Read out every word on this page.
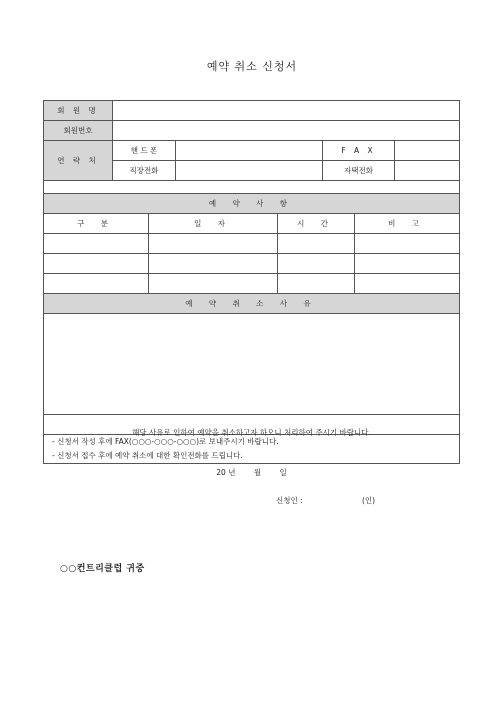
예약 취소 신청서
회 원 명							
회원번호							
연 락 처	핸 드 폰				F A X		
	직장전화				자택전화		

예 약 사 항							
구 분		일 자		시 간		비 고	

예 약 취 소 사 유							

해당 사유로 인하여 예약을 취소하고자 하오니 처리하여 주시기 바랍니다.
20 년 월 일
신청인 : (인)
○○컨트리클럽 귀중							

- 신청서 작성 후에 FAX(○○○-○○○-○○○)로 보내주시기 바랍니다.
- 신청서 접수 후에 예약 취소에 대한 확인전화를 드립니다.							
